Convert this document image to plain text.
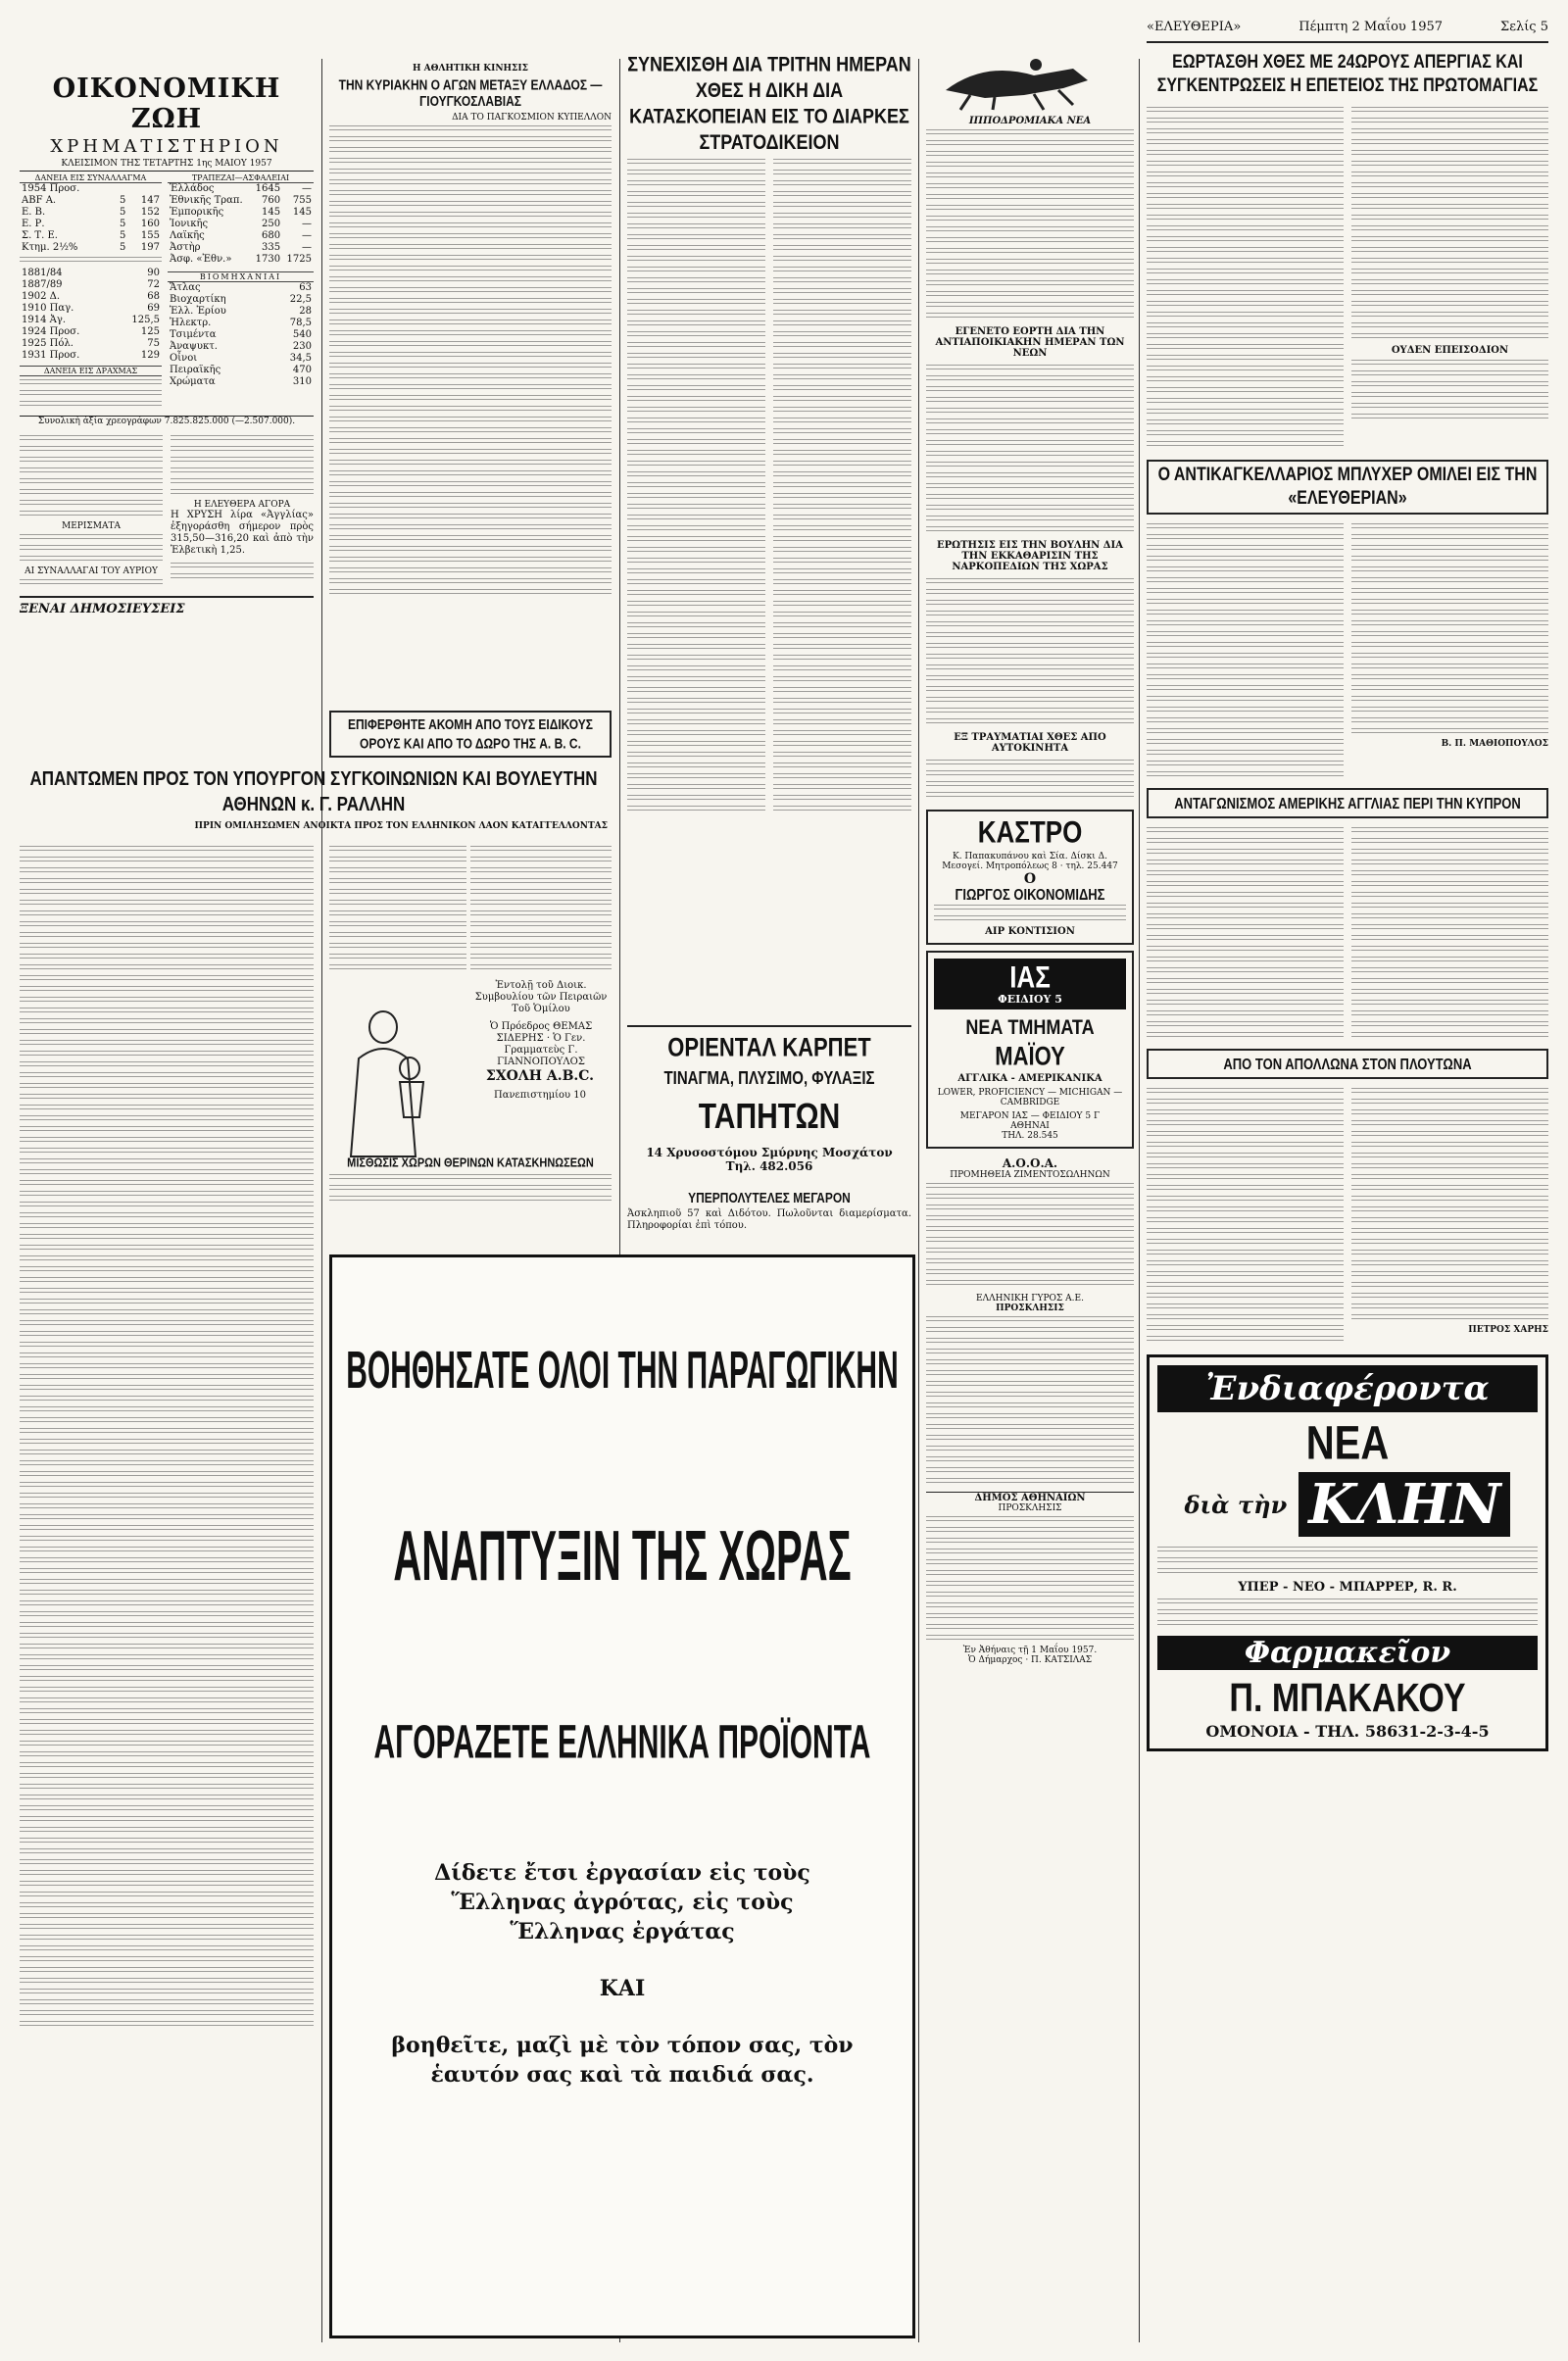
«ΕΛΕΥΘΕΡΙΑ»	Πέμπτη 2 Μαΐου 1957	Σελίς 5
ΟΙΚΟΝΟΜΙΚΗ ΖΩΗ
ΧΡΗΜΑΤΙΣΤΗΡΙΟΝ
ΚΛΕΙΣΙΜΟΝ ΤΗΣ ΤΕΤΑΡΤΗΣ 1ης ΜΑΙΟΥ 1957
ΔΑΝΕΙΑ ΕΙΣ ΣΥΝΑΛΛΑΓΜΑ
1954 Προσ.		
ABF Α.	5	147
Ε. Β.	5	152
Ε. Ρ.	5	160
Σ. Τ. Ε.	5	155
Κτημ. 2½%	5	197
1881/84	90
1887/89	72
1902 Δ.	68
1910 Παγ.	69
1914 Ἀγ.	125,5
1924 Προσ.	125
1925 Πόλ.	75
1931 Προσ.	129
ΔΑΝΕΙΑ ΕΙΣ ΔΡΑΧΜΑΣ
ΤΡΑΠΕΖΑΙ—ΑΣΦΑΛΕΙΑΙ
Ἑλλάδος	1645	—
Ἐθνικῆς Τραπ.	760	755
Ἐμπορικῆς	145	145
Ἰονικῆς	250	—
Λαϊκῆς	680	—
Ἀστὴρ	335	—
Ἀσφ. «Ἐθν.»	1730	1725
ΒΙΟΜΗΧΑΝΙΑΙ
Ἄτλας	63
Βιοχαρτίκη	22,5
Ἑλλ. Ἐρίου	28
Ἠλεκτρ.	78,5
Τσιμέντα	540
Ἀναψυκτ.	230
Οἶνοι	34,5
Πειραϊκῆς	470
Χρώματα	310
Συνολικὴ ἀξία χρεογράφων 7.825.825.000 (—2.507.000).
ΜΕΡΙΣΜΑΤΑ
ΑΙ ΣΥΝΑΛΛΑΓΑΙ ΤΟΥ ΑΥΡΙΟΥ
Η ΕΛΕΥΘΕΡΑ ΑΓΟΡΑ

Η ΧΡΥΣΗ λίρα «Ἀγγλίας» ἐξηγοράσθη σήμερον πρὸς 315,50—316,20 καὶ ἀπὸ τὴν Ἑλβετικὴ 1,25.

ΞΕΝΑΙ ΔΗΜΟΣΙΕΥΣΕΙΣ
Η ΑΘΛΗΤΙΚΗ ΚΙΝΗΣΙΣ
ΤΗΝ ΚΥΡΙΑΚΗΝ Ο ΑΓΩΝ ΜΕΤΑΞΥ ΕΛΛΑΔΟΣ — ΓΙΟΥΓΚΟΣΛΑΒΙΑΣ
ΔΙΑ ΤΟ ΠΑΓΚΟΣΜΙΟΝ ΚΥΠΕΛΛΟΝ
ΣΥΝΕΧΙΣΘΗ ΔΙΑ ΤΡΙΤΗΝ ΗΜΕΡΑΝ ΧΘΕΣ Η ΔΙΚΗ ΔΙΑ ΚΑΤΑΣΚΟΠΕΙΑΝ ΕΙΣ ΤΟ ΔΙΑΡΚΕΣ ΣΤΡΑΤΟΔΙΚΕΙΟΝ
ΑΠΑΝΤΩΜΕΝ ΠΡΟΣ ΤΟΝ ΥΠΟΥΡΓΟΝ ΣΥΓΚΟΙΝΩΝΙΩΝ ΚΑΙ ΒΟΥΛΕΥΤΗΝ ΑΘΗΝΩΝ κ. Γ. ΡΑΛΛΗΝ
ΠΡΙΝ ΟΜΙΛΗΣΩΜΕΝ ΑΝΟΙΚΤΑ ΠΡΟΣ ΤΟΝ ΕΛΛΗΝΙΚΟΝ ΛΑΟΝ ΚΑΤΑΓΓΕΛΛΟΝΤΑΣ

Ἐντολῇ τοῦ Διοικ. Συμβουλίου τῶν Πειραιῶν Τοῦ Ὁμίλου

Ὁ Πρόεδρος ΘΕΜΑΣ ΣΙΔΕΡΗΣ · Ὁ Γεν. Γραμματεὺς Γ. ΓΙΑΝΝΟΠΟΥΛΟΣ

ΕΠΙΦΕΡΘΗΤΕ ΑΚΟΜΗ ΑΠΟ ΤΟΥΣ ΕΙΔΙΚΟΥΣ ΟΡΟΥΣ ΚΑΙ ΑΠΟ ΤΟ ΔΩΡΟ ΤΗΣ A. B. C.
ΣΧΟΛΗ A.B.C.
Πανεπιστημίου 10
ΜΙΣΘΩΣΙΣ ΧΩΡΩΝ ΘΕΡΙΝΩΝ ΚΑΤΑΣΚΗΝΩΣΕΩΝ
ΟΡΙΕΝΤΑΛ ΚΑΡΠΕΤ
ΤΙΝΑΓΜΑ, ΠΛΥΣΙΜΟ, ΦΥΛΑΞΙΣ
ΤΑΠΗΤΩΝ
14 Χρυσοστόμου Σμύρνης Μοσχάτον
Τηλ. 482.056
ΥΠΕΡΠΟΛΥΤΕΛΕΣ ΜΕΓΑΡΟΝ

Ἀσκληπιοῦ 57 καὶ Διδότου. Πωλοῦνται διαμερίσματα. Πληροφορίαι ἐπὶ τόπου.

ΒΟΗΘΗΣΑΤΕ ΟΛΟΙ ΤΗΝ ΠΑΡΑΓΩΓΙΚΗΝ
ΑΝΑΠΤΥΞΙΝ ΤΗΣ ΧΩΡΑΣ
ΑΓΟΡΑΖΕΤΕ ΕΛΛΗΝΙΚΑ ΠΡΟΪΟΝΤΑ
Δίδετε ἔτσι ἐργασίαν εἰς τοὺς Ἕλληνας ἀγρότας, εἰς τοὺς Ἕλληνας ἐργάτας
ΚΑΙ
βοηθεῖτε, μαζὶ μὲ τὸν τόπον σας, τὸν ἑαυτόν σας καὶ τὰ παιδιά σας.
ΙΠΠΟΔΡΟΜΙΑΚΑ ΝΕΑ
ΕΓΕΝΕΤΟ ΕΟΡΤΗ ΔΙΑ ΤΗΝ ΑΝΤΙΑΠΟΙΚΙΑΚΗΝ ΗΜΕΡΑΝ ΤΩΝ ΝΕΩΝ
ΕΡΩΤΗΣΙΣ ΕΙΣ ΤΗΝ ΒΟΥΛΗΝ ΔΙΑ ΤΗΝ ΕΚΚΑΘΑΡΙΣΙΝ ΤΗΣ ΝΑΡΚΟΠΕΔΙΩΝ ΤΗΣ ΧΩΡΑΣ
ΕΞ ΤΡΑΥΜΑΤΙΑΙ ΧΘΕΣ ΑΠΟ ΑΥΤΟΚΙΝΗΤΑ
ΚΑΣΤΡΟ
Κ. Παπακυπάνου καὶ Σία. Δίσκι Δ. Μεσογεί. Μητροπόλεως 8 · τηλ. 25.447
Ο
ΓΙΩΡΓΟΣ ΟΙΚΟΝΟΜΙΔΗΣ
ΑΙΡ ΚΟΝΤΙΣΙΟΝ
ΙΑΣ
ΦΕΙΔΙΟΥ 5
ΝΕΑ ΤΜΗΜΑΤΑ
ΜΑΪΟΥ
ΑΓΓΛΙΚΑ - ΑΜΕΡΙΚΑΝΙΚΑ
LOWER, PROFICIENCY — MICHIGAN — CAMBRIDGE
ΜΕΓΑΡΟΝ ΙΑΣ — ΦΕΙΔΙΟΥ 5 Γ
ΑΘΗΝΑΙ
ΤΗΛ. 28.545
Α.Ο.Ο.Α.
ΠΡΟΜΗΘΕΙΑ ΖΙΜΕΝΤΟΣΩΛΗΝΩΝ
ΕΛΛΗΝΙΚΗ ΓΥΡΟΣ Α.Ε.
ΠΡΟΣΚΛΗΣΙΣ
ΔΗΜΟΣ ΑΘΗΝΑΙΩΝ
ΠΡΟΣΚΛΗΣΙΣ
Ἐν Ἀθήναις τῇ 1 Μαΐου 1957.
Ὁ Δήμαρχος · Π. ΚΑΤΣΙΛΑΣ
ΕΩΡΤΑΣΘΗ ΧΘΕΣ ΜΕ 24ΩΡΟΥΣ ΑΠΕΡΓΙΑΣ ΚΑΙ ΣΥΓΚΕΝΤΡΩΣΕΙΣ Η ΕΠΕΤΕΙΟΣ ΤΗΣ ΠΡΩΤΟΜΑΓΙΑΣ
ΟΥΔΕΝ ΕΠΕΙΣΟΔΙΟΝ
Ο ΑΝΤΙΚΑΓΚΕΛΛΑΡΙΟΣ ΜΠΛΥΧΕΡ ΟΜΙΛΕΙ ΕΙΣ ΤΗΝ «ΕΛΕΥΘΕΡΙΑΝ»
Β. Π. ΜΑΘΙΟΠΟΥΛΟΣ
ΑΝΤΑΓΩΝΙΣΜΟΣ ΑΜΕΡΙΚΗΣ ΑΓΓΛΙΑΣ ΠΕΡΙ ΤΗΝ ΚΥΠΡΟΝ
ΑΠΟ ΤΟΝ ΑΠΟΛΛΩΝΑ ΣΤΟΝ ΠΛΟΥΤΩΝΑ
ΠΕΤΡΟΣ ΧΑΡΗΣ
Ἐνδιαφέροντα
ΝΕΑ
διὰ τὴν ΚΛΗΝ
ΥΠΕΡ - ΝΕΟ - ΜΠΑΡΡΕΡ, R. R.
Φαρμακεῖον
Π. ΜΠΑΚΑΚΟΥ
ΟΜΟΝΟΙΑ - ΤΗΛ. 58631-2-3-4-5
